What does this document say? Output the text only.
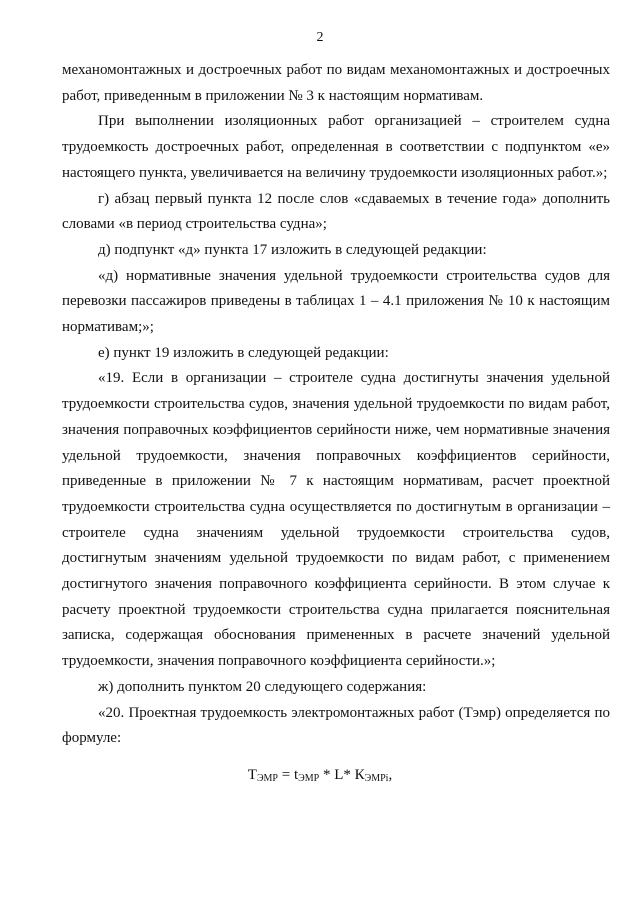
2

механомонтажных и достроечных работ по видам механомонтажных и достроечных работ, приведенным в приложении № 3 к настоящим нормативам.

При выполнении изоляционных работ организацией – строителем судна трудоемкость достроечных работ, определенная в соответствии с подпунктом «е» настоящего пункта, увеличивается на величину трудоемкости изоляционных работ.»;

г) абзац первый пункта 12 после слов «сдаваемых в течение года» дополнить словами «в период строительства судна»;

д) подпункт «д» пункта 17 изложить в следующей редакции:

«д) нормативные значения удельной трудоемкости строительства судов для перевозки пассажиров приведены в таблицах 1 – 4.1 приложения № 10 к настоящим нормативам;»;

е) пункт 19 изложить в следующей редакции:

«19. Если в организации – строителе судна достигнуты значения удельной трудоемкости строительства судов, значения удельной трудоемкости по видам работ, значения поправочных коэффициентов серийности ниже, чем нормативные значения удельной трудоемкости, значения поправочных коэффициентов серийности, приведенные в приложении № 7 к настоящим нормативам, расчет проектной трудоемкости строительства судна осуществляется по достигнутым в организации – строителе судна значениям удельной трудоемкости строительства судов, достигнутым значениям удельной трудоемкости по видам работ, с применением достигнутого значения поправочного коэффициента серийности. В этом случае к расчету проектной трудоемкости строительства судна прилагается пояснительная записка, содержащая обоснования примененных в расчете значений удельной трудоемкости, значения поправочного коэффициента серийности.»;

ж) дополнить пунктом 20 следующего содержания:

«20. Проектная трудоемкость электромонтажных работ (Тэмр) определяется по формуле:

$Т_{ЭМР} = t_{ЭМР} * L*$ $К_{ЭМРi}$,
